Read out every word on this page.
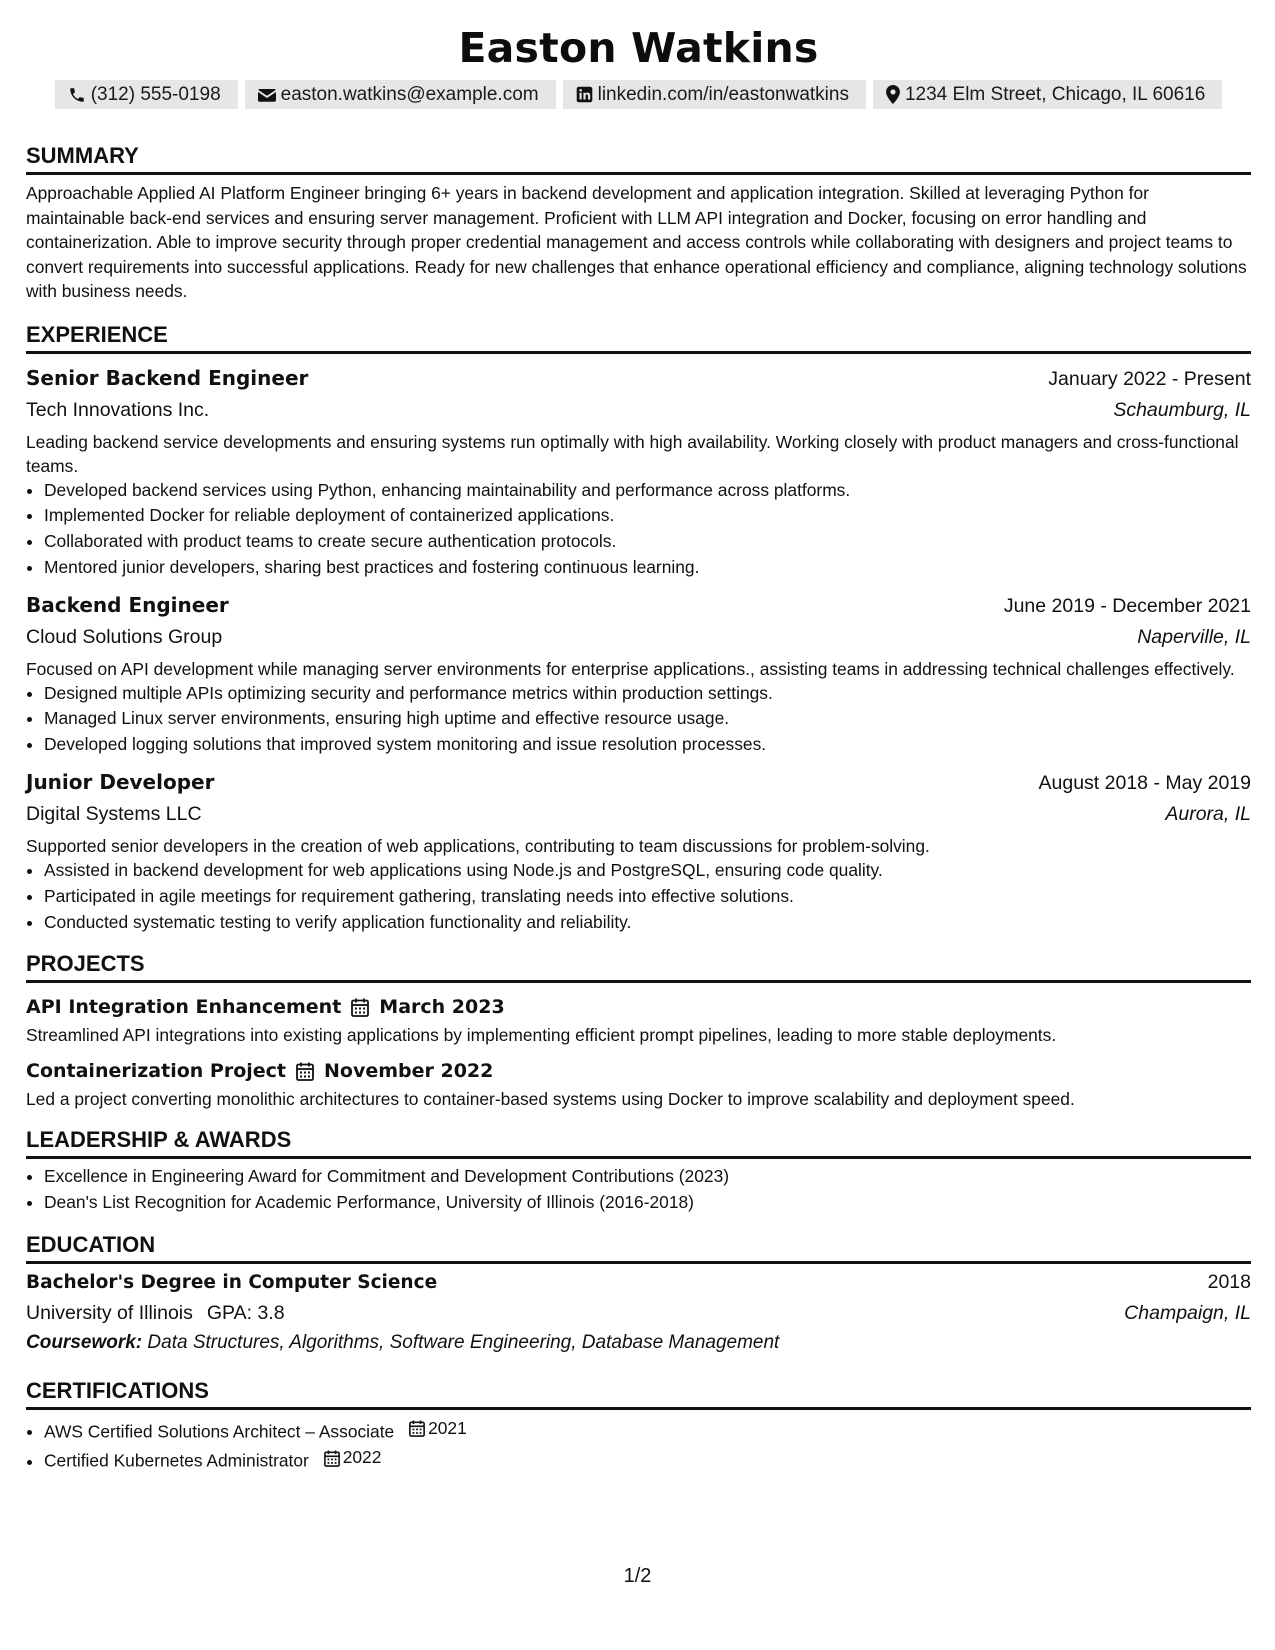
Easton Watkins
(312) 555-0198	easton.watkins@example.com	linkedin.com/in/eastonwatkins	1234 Elm Street, Chicago, IL 60616
SUMMARY

Approachable Applied AI Platform Engineer bringing 6+ years in backend development and application integration. Skilled at leveraging Python for maintainable back-end services and ensuring server management. Proficient with LLM API integration and Docker, focusing on error handling and containerization. Able to improve security through proper credential management and access controls while collaborating with designers and project teams to convert requirements into successful applications. Ready for new challenges that enhance operational efficiency and compliance, aligning technology solutions with business needs.

EXPERIENCE
Senior Backend Engineer	January 2022 - Present
Tech Innovations Inc.	Schaumburg, IL
Leading backend service developments and ensuring systems run optimally with high availability. Working closely with product managers and cross-functional teams.
• Developed backend services using Python, enhancing maintainability and performance across platforms.
• Implemented Docker for reliable deployment of containerized applications.
• Collaborated with product teams to create secure authentication protocols.
• Mentored junior developers, sharing best practices and fostering continuous learning.
Backend Engineer	June 2019 - December 2021
Cloud Solutions Group	Naperville, IL
Focused on API development while managing server environments for enterprise applications., assisting teams in addressing technical challenges effectively.
• Designed multiple APIs optimizing security and performance metrics within production settings.
• Managed Linux server environments, ensuring high uptime and effective resource usage.
• Developed logging solutions that improved system monitoring and issue resolution processes.
Junior Developer	August 2018 - May 2019
Digital Systems LLC	Aurora, IL
Supported senior developers in the creation of web applications, contributing to team discussions for problem-solving.
• Assisted in backend development for web applications using Node.js and PostgreSQL, ensuring code quality.
• Participated in agile meetings for requirement gathering, translating needs into effective solutions.
• Conducted systematic testing to verify application functionality and reliability.
PROJECTS
API Integration Enhancement March 2023
Streamlined API integrations into existing applications by implementing efficient prompt pipelines, leading to more stable deployments.
Containerization Project November 2022
Led a project converting monolithic architectures to container-based systems using Docker to improve scalability and deployment speed.
LEADERSHIP & AWARDS
• Excellence in Engineering Award for Commitment and Development Contributions (2023)
• Dean's List Recognition for Academic Performance, University of Illinois (2016-2018)
EDUCATION
Bachelor's Degree in Computer Science	2018
University of Illinois GPA: 3.8	Champaign, IL
Coursework: Data Structures, Algorithms, Software Engineering, Database Management
CERTIFICATIONS
• AWS Certified Solutions Architect – Associate 2021
• Certified Kubernetes Administrator 2022
1/2
